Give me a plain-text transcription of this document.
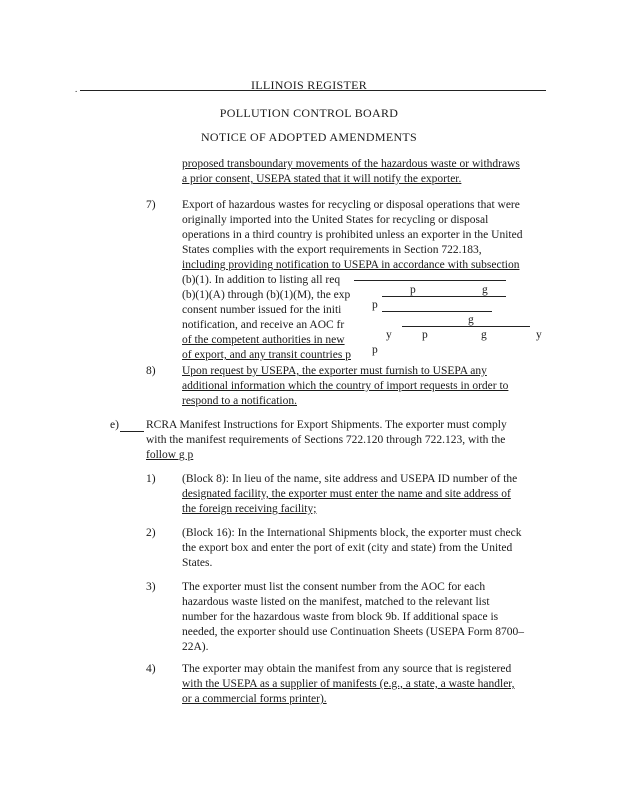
.	ILLINOIS REGISTER
POLLUTION CONTROL BOARD
NOTICE OF ADOPTED AMENDMENTS
proposed transboundary movements of the hazardous waste or withdraws
a prior consent, USEPA stated that it will notify the exporter.
7) Export of hazardous wastes for recycling or disposal operations that were
originally imported into the United States for recycling or disposal
operations in a third country is prohibited unless an exporter in the United
States complies with the export requirements in Section 722.183,
including providing notification to USEPA in accordance with subsection
(b)(1). In addition to listing all req
(b)(1)(A) through (b)(1)(M), the exp
consent number issued for the initi
notification, and receive an AOC fr
of the competent authorities in new
of export, and any transit countries p
p	g
p
g
y	p	g	y
p
8) Upon request by USEPA, the exporter must furnish to USEPA any
additional information which the country of import requests in order to
respond to a notification.
e) RCRA Manifest Instructions for Export Shipments. The exporter must comply
with the manifest requirements of Sections 722.120 through 722.123, with the
follow g p
1) (Block 8): In lieu of the name, site address and USEPA ID number of the
designated facility, the exporter must enter the name and site address of
the foreign receiving facility;
2) (Block 16): In the International Shipments block, the exporter must check
the export box and enter the port of exit (city and state) from the United
States.
3) The exporter must list the consent number from the AOC for each
hazardous waste listed on the manifest, matched to the relevant list
number for the hazardous waste from block 9b. If additional space is
needed, the exporter should use Continuation Sheets (USEPA Form 8700–
22A).
4) The exporter may obtain the manifest from any source that is registered
with the USEPA as a supplier of manifests (e.g., a state, a waste handler,
or a commercial forms printer).
